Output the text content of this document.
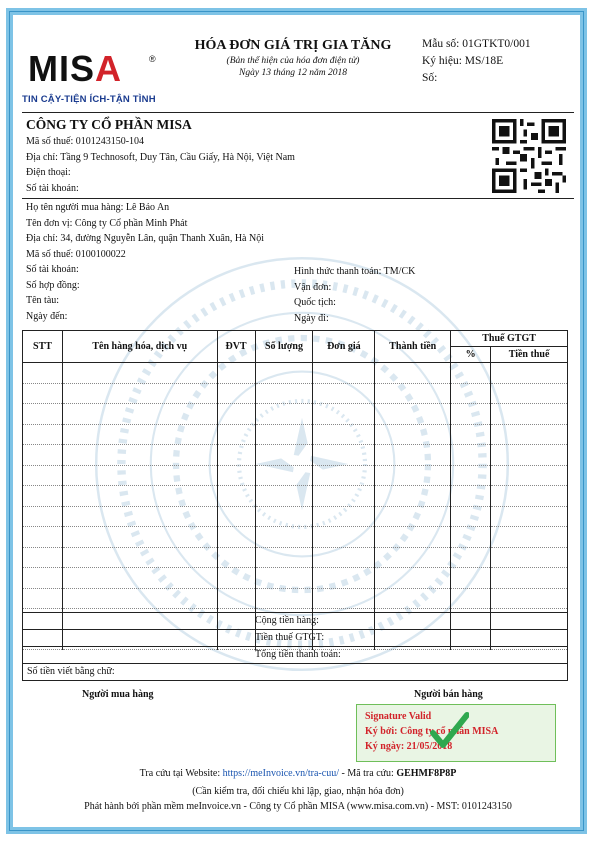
MISA	®
TIN CẬY-TIỆN ÍCH-TẬN TÌNH
HÓA ĐƠN GIÁ TRỊ GIA TĂNG
(Bản thể hiện của hóa đơn điện tử)
Ngày 13 tháng 12 năm 2018
Mẫu số: 01GTKT0/001
Ký hiệu: MS/18E
Số:
CÔNG TY CỔ PHẦN MISA
Mã số thuế: 0101243150-104
Địa chỉ: Tầng 9 Technosoft, Duy Tân, Cầu Giấy, Hà Nội, Việt Nam
Điện thoại:
Số tài khoản:
Họ tên người mua hàng: Lê Bảo An
Tên đơn vị: Công ty Cổ phần Minh Phát
Địa chỉ: 34, đường Nguyễn Lân, quận Thanh Xuân, Hà Nội
Mã số thuế: 0100100022
Số tài khoản:
Số hợp đồng:
Tên tàu:
Ngày đến:
Hình thức thanh toán: TM/CK
Vận đơn:
Quốc tịch:
Ngày đi:
STT	Tên hàng hóa, dịch vụ	ĐVT	Số lượng	Đơn giá	Thành tiền	Thuế GTGT	
						%	Tiền thuế

Cộng tiền hàng:
Tiền thuế GTGT:
Tổng tiền thanh toán:
Số tiền viết bằng chữ:
Người mua hàng	Người bán hàng
Signature Valid
Ký bởi: Công ty cổ phần MISA
Ký ngày: 21/05/2018
Tra cứu tại Website: https://meInvoice.vn/tra-cuu/ - Mã tra cứu: GEHMF8P8P
(Cần kiểm tra, đối chiếu khi lập, giao, nhận hóa đơn)
Phát hành bởi phần mềm meInvoice.vn - Công ty Cổ phần MISA (www.misa.com.vn) - MST: 0101243150
